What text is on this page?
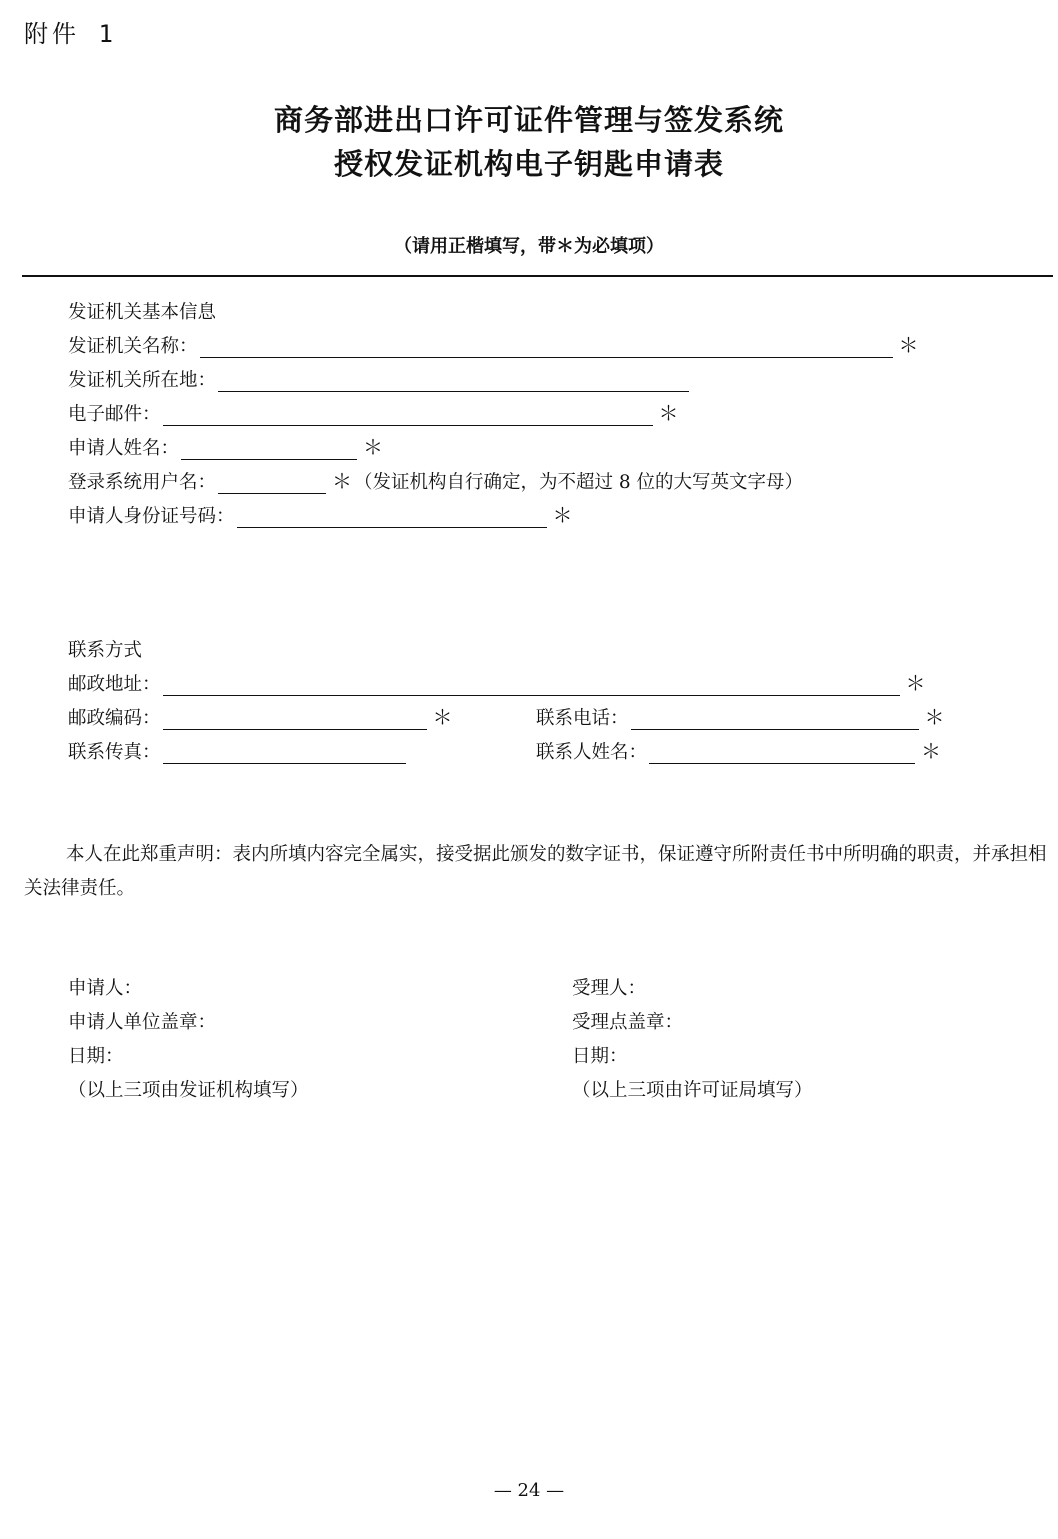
附件 1
商务部进出口许可证件管理与签发系统
授权发证机构电子钥匙申请表
（请用正楷填写，带＊为必填项）
发证机关基本信息
发证机关名称：	＊
发证机关所在地：
电子邮件：	＊
申请人姓名：	＊
登录系统用户名：	＊ （发证机构自行确定，为不超过 8 位的大写英文字母）
申请人身份证号码：	＊
联系方式
邮政地址：	＊
邮政编码：	＊	联系电话：	＊
联系传真：	联系人姓名：	＊
本人在此郑重声明：表内所填内容完全属实，接受据此颁发的数字证书，保证遵守所附责任书中所明确的职责，并承担相关法律责任。
申请人：
申请人单位盖章：
日期：
（以上三项由发证机构填写）
受理人：
受理点盖章：
日期：
（以上三项由许可证局填写）
— 24 —
